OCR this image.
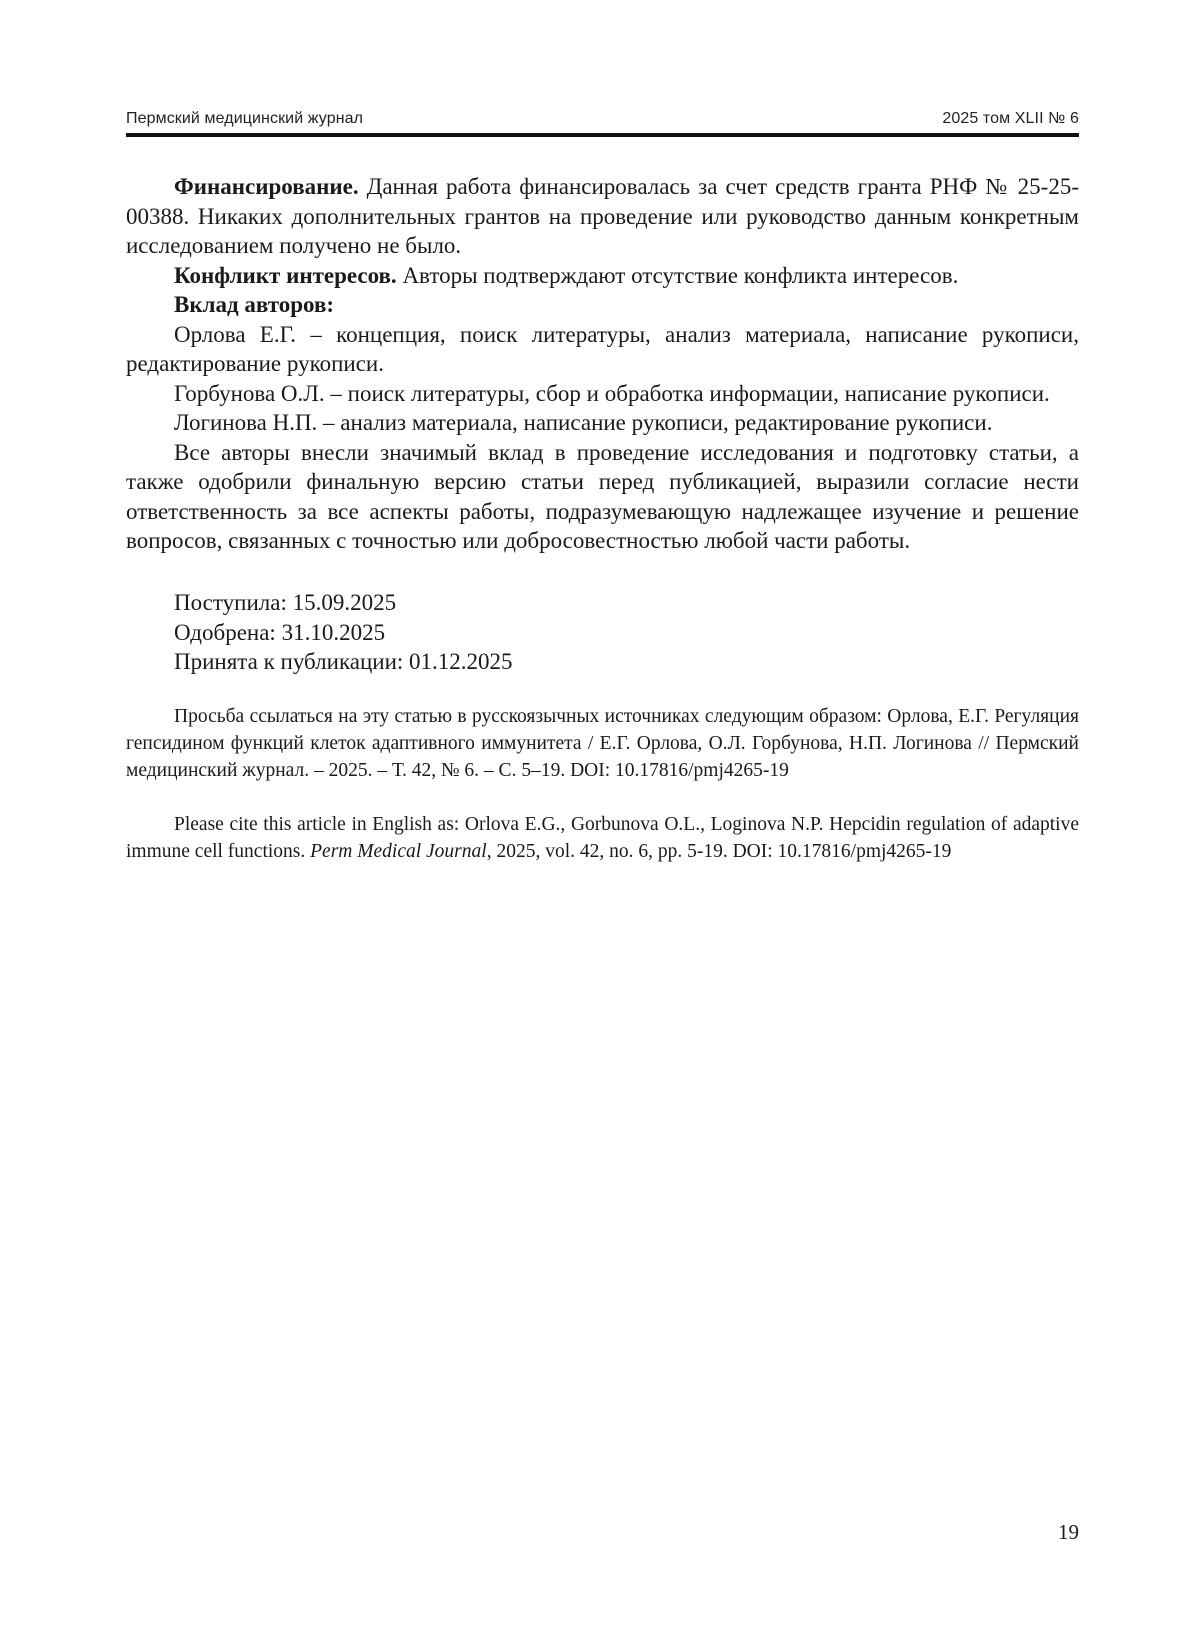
Пермский медицинский журнал	2025 том XLII № 6

Финансирование. Данная работа финансировалась за счет средств гранта РНФ № 25-25-00388. Никаких дополнительных грантов на проведение или руководство данным конкретным исследованием получено не было.

Конфликт интересов. Авторы подтверждают отсутствие конфликта интересов.

Вклад авторов:

Орлова Е.Г. – концепция, поиск литературы, анализ материала, написание рукописи, редактирование рукописи.

Горбунова О.Л. – поиск литературы, сбор и обработка информации, написание рукописи.

Логинова Н.П. – анализ материала, написание рукописи, редактирование рукописи.

Все авторы внесли значимый вклад в проведение исследования и подготовку статьи, а также одобрили финальную версию статьи перед публикацией, выразили согласие нести ответственность за все аспекты работы, подразумевающую надлежащее изучение и решение вопросов, связанных с точностью или добросовестностью любой части работы.

Поступила: 15.09.2025
Одобрена: 31.10.2025
Принята к публикации: 01.12.2025

Просьба ссылаться на эту статью в русскоязычных источниках следующим образом: Орлова, Е.Г. Регуляция гепсидином функций клеток адаптивного иммунитета / Е.Г. Орлова, О.Л. Горбунова, Н.П. Логинова // Пермский медицинский журнал. – 2025. – Т. 42, № 6. – С. 5–19. DOI: 10.17816/pmj4265-19

Please cite this article in English as: Orlova E.G., Gorbunova O.L., Loginova N.P. Hepcidin regulation of adaptive immune cell functions. Perm Medical Journal, 2025, vol. 42, no. 6, pp. 5-19. DOI: 10.17816/pmj4265-19

19
